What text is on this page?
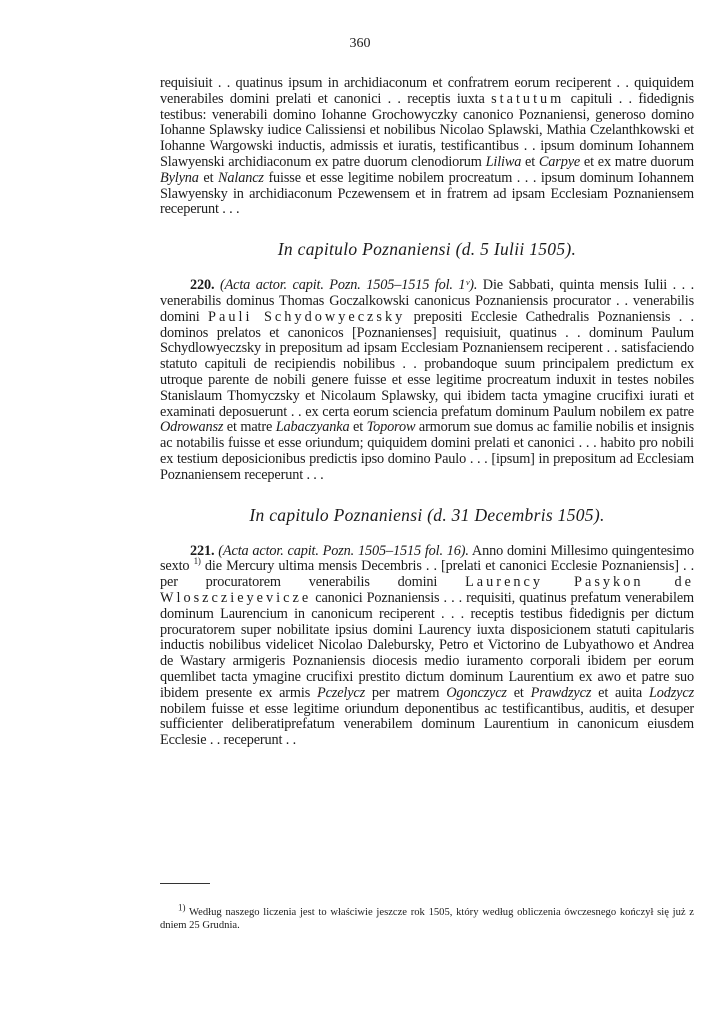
360

requisiuit . . quatinus ipsum in archidiaconum et confratrem eorum reciperent . . quiquidem venerabiles domini prelati et canonici . . receptis iuxta statutum capituli . . fidedignis testibus: venerabili domino Iohanne Grochowyczky canonico Poznaniensi, generoso domino Iohanne Splawsky iudice Calissiensi et nobilibus Nicolao Splawski, Mathia Czelanthkowski et Iohanne Wargowski inductis, admissis et iuratis, testificantibus . . ipsum dominum Iohannem Slawyenski archidiaconum ex patre duorum clenodiorum Liliwa et Carpye et ex matre duorum Bylyna et Nalancz fuisse et esse legitime nobilem procreatum . . . ipsum dominum Iohannem Slawyensky in archidiaconum Pczewensem et in fratrem ad ipsam Ecclesiam Poznaniensem receperunt . . .

In capitulo Poznaniensi (d. 5 Iulii 1505).

220. (Acta actor. capit. Pozn. 1505–1515 fol. 1ᵛ). Die Sabbati, quinta mensis Iulii . . . venerabilis dominus Thomas Goczalkowski canonicus Poznaniensis procurator . . venerabilis domini Pauli Schydowyeczsky prepositi Ecclesie Cathedralis Poznaniensis . . dominos prelatos et canonicos [Poznanienses] requisiuit, quatinus . . dominum Paulum Schydlowyeczsky in prepositum ad ipsam Ecclesiam Poznaniensem reciperent . . satisfaciendo statuto capituli de recipiendis nobilibus . . probandoque suum principalem predictum ex utroque parente de nobili genere fuisse et esse legitime procreatum induxit in testes nobiles Stanislaum Thomyczsky et Nicolaum Splawsky, qui ibidem tacta ymagine crucifixi iurati et examinati deposuerunt . . ex certa eorum sciencia prefatum dominum Paulum nobilem ex patre Odrowansz et matre Labaczyanka et Toporow armorum sue domus ac familie nobilis et insignis ac notabilis fuisse et esse oriundum; quiquidem domini prelati et canonici . . . habito pro nobili ex testium deposicionibus predictis ipso domino Paulo . . . [ipsum] in prepositum ad Ecclesiam Poznaniensem receperunt . . .

In capitulo Poznaniensi (d. 31 Decembris 1505).

221. (Acta actor. capit. Pozn. 1505–1515 fol. 16). Anno domini Millesimo quingentesimo sexto $^{1)}$ die Mercury ultima mensis Decembris . . [prelati et canonici Ecclesie Poznaniensis] . . per procuratorem venerabilis domini Laurency Pasykon de Wloszczieyevicze canonici Poznaniensis . . . requisiti, quatinus prefatum venerabilem dominum Laurencium in canonicum reciperent . . . receptis testibus fidedignis per dictum procuratorem super nobilitate ipsius domini Laurency iuxta disposicionem statuti capitularis inductis nobilibus videlicet Nicolao Dalebursky, Petro et Victorino de Lubyathowo et Andrea de Wastary armigeris Poznaniensis diocesis medio iuramento corporali ibidem per eorum quemlibet tacta ymagine crucifixi prestito dictum dominum Laurentium ex awo et patre suo ibidem presente ex armis Pczelycz per matrem Ogonczycz et Prawdzycz et auita Lodzycz nobilem fuisse et esse legitime oriundum deponentibus ac testificantibus, auditis, et desuper sufficienter deliberatiprefatum venerabilem dominum Laurentium in canonicum eiusdem Ecclesie . . receperunt . .

$^{1)}$ Według naszego liczenia jest to właściwie jeszcze rok 1505, który według obliczenia ówczesnego kończył się już z dniem 25 Grudnia.
